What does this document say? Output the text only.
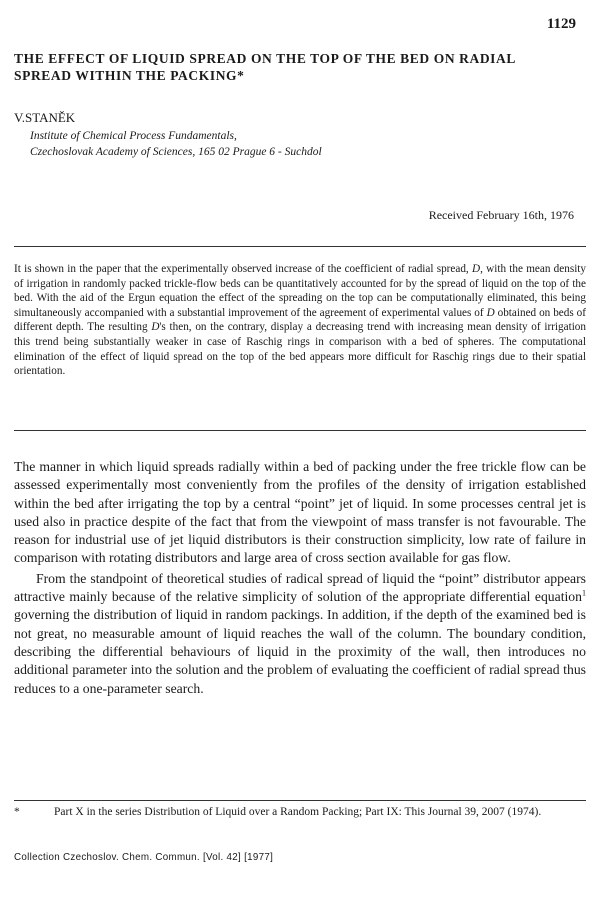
1129
THE EFFECT OF LIQUID SPREAD ON THE TOP OF THE BED ON RADIAL SPREAD WITHIN THE PACKING*
V.STANĚK
Institute of Chemical Process Fundamentals,
Czechoslovak Academy of Sciences, 165 02 Prague 6 - Suchdol
Received February 16th, 1976
It is shown in the paper that the experimentally observed increase of the coefficient of radial spread, D, with the mean density of irrigation in randomly packed trickle-flow beds can be quantitatively accounted for by the spread of liquid on the top of the bed. With the aid of the Ergun equation the effect of the spreading on the top can be computationally eliminated, this being simultaneously accompanied with a substantial improvement of the agreement of experimental values of D obtained on beds of different depth. The resulting D's then, on the contrary, display a decreasing trend with increasing mean density of irrigation this trend being substantially weaker in case of Raschig rings in comparison with a bed of spheres. The computational elimination of the effect of liquid spread on the top of the bed appears more difficult for Raschig rings due to their spatial orientation.

The manner in which liquid spreads radially within a bed of packing under the free trickle flow can be assessed experimentally most conveniently from the profiles of the density of irrigation established within the bed after irrigating the top by a central “point” jet of liquid. In some processes central jet is used also in practice despite of the fact that from the viewpoint of mass transfer is not favourable. The reason for industrial use of jet liquid distributors is their construction simplicity, low rate of failure in comparison with rotating distributors and large area of cross section available for gas flow.

From the standpoint of theoretical studies of radical spread of liquid the “point” distributor appears attractive mainly because of the relative simplicity of solution of the appropriate differential equation$^1$ governing the distribution of liquid in random packings. In addition, if the depth of the examined bed is not great, no measurable amount of liquid reaches the wall of the column. The boundary condition, describing the differential behaviours of liquid in the proximity of the wall, then introduces no additional parameter into the solution and the problem of evaluating the coefficient of radial spread thus reduces to a one-parameter search.

*	Part X in the series Distribution of Liquid over a Random Packing; Part IX: This Journal 39, 2007 (1974).
Collection Czechoslov. Chem. Commun. [Vol. 42] [1977]
